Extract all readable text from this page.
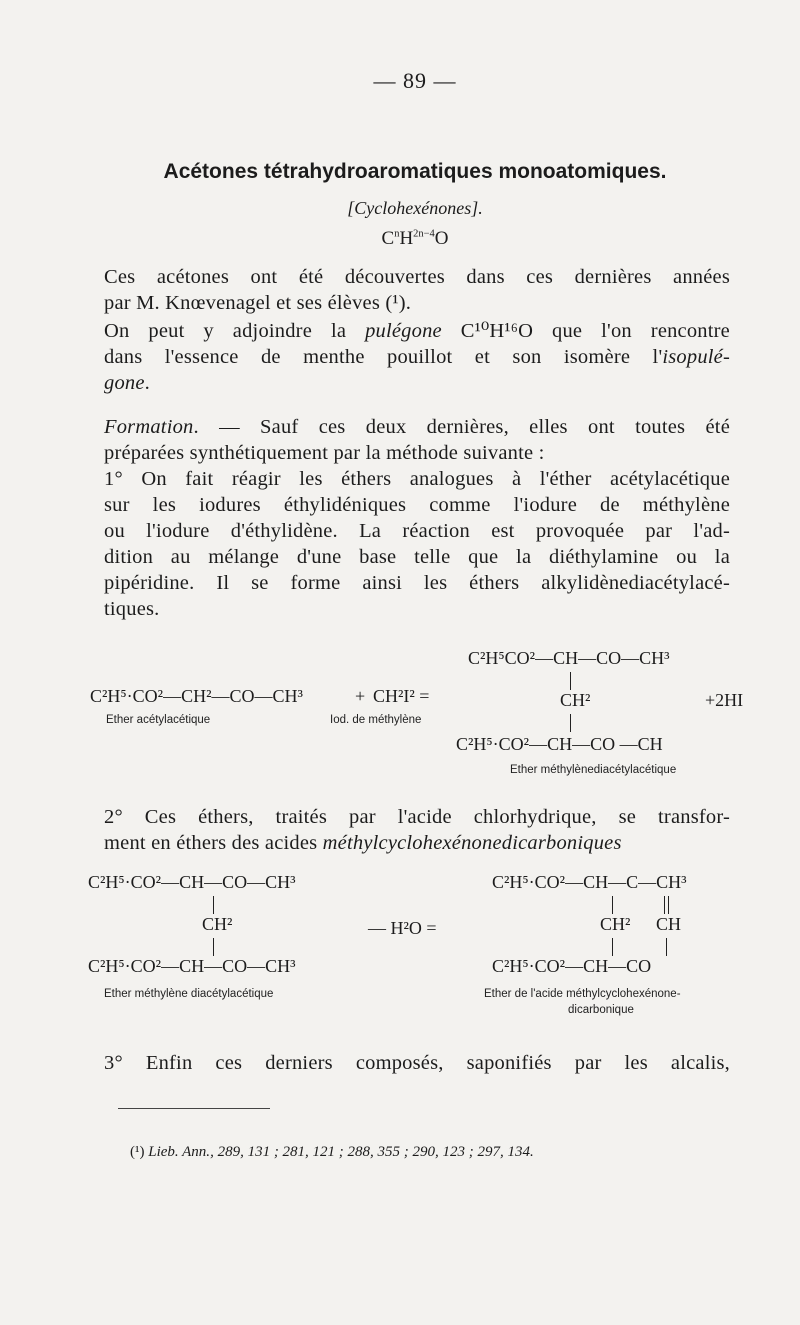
— 89 —
Acétones tétrahydroaromatiques monoatomiques.
[Cyclohexénones].
$C^nH^{2n-4}O$
Ces acétones ont été découvertes dans ces dernières années
par M. Knœvenagel et ses élèves (¹).
On peut y adjoindre la pulégone C¹⁰H¹⁶O que l'on rencontre
dans l'essence de menthe pouillot et son isomère l'isopulé-
gone.
Formation. — Sauf ces deux dernières, elles ont toutes été
préparées synthétiquement par la méthode suivante :
1° On fait réagir les éthers analogues à l'éther acétylacétique
sur les iodures éthylidéniques comme l'iodure de méthylène
ou l'iodure d'éthylidène. La réaction est provoquée par l'ad-
dition au mélange d'une base telle que la diéthylamine ou la
pipéridine. Il se forme ainsi les éthers alkylidènediacétylacé-
tiques.
C²H⁵CO²—CH—CO—CH³
C²H⁵·CO²—CH²—CO—CH³	+ CH²I² =	CH²	+2HI
Ether acétylacétique	Iod. de méthylène
C²H⁵·CO²—CH—CO —CH
Ether méthylènediacétylacétique
2° Ces éthers, traités par l'acide chlorhydrique, se transfor-
ment en éthers des acides méthylcyclohexénonedicarboniques
C²H⁵·CO²—CH—CO—CH³	C²H⁵·CO²—CH—C—CH³
CH²	— H²O =	CH² CH
C²H⁵·CO²—CH—CO—CH³	C²H⁵·CO²—CH—CO
Ether méthylène diacétylacétique	Ether de l'acide méthylcyclohexénone-
dicarbonique
3° Enfin ces derniers composés, saponifiés par les alcalis,
(¹) Lieb. Ann., 289, 131 ; 281, 121 ; 288, 355 ; 290, 123 ; 297, 134.
